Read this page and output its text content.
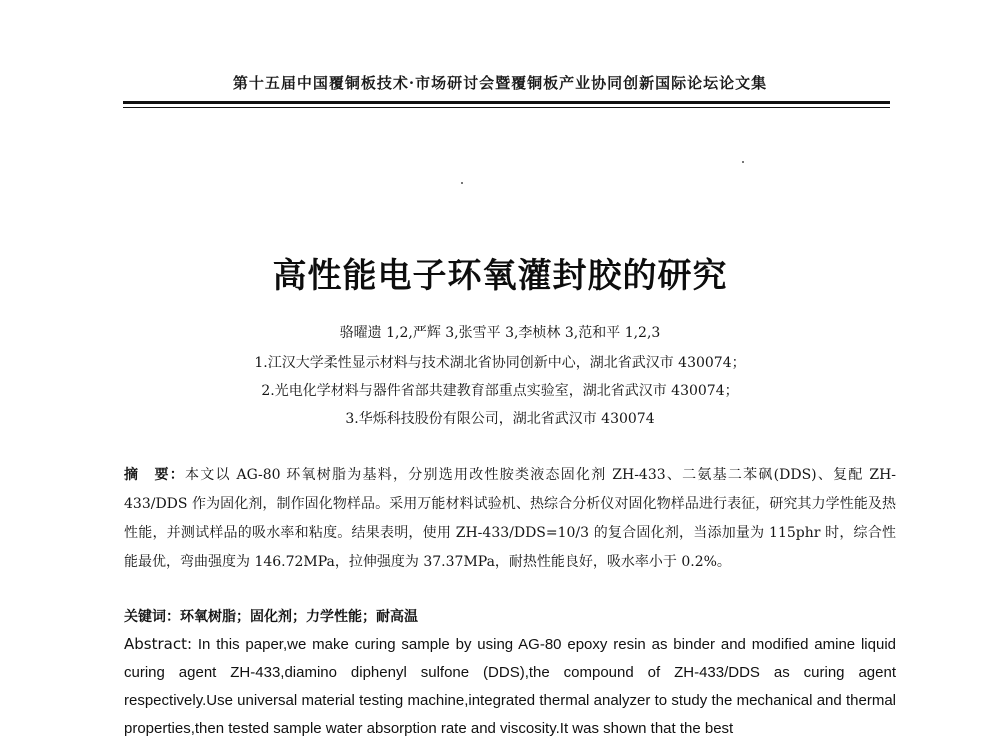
第十五届中国覆铜板技术·市场研讨会暨覆铜板产业协同创新国际论坛论文集
高性能电子环氧灌封胶的研究
骆曜遗 1,2,严辉 3,张雪平 3,李桢林 3,范和平 1,2,3
1.江汉大学柔性显示材料与技术湖北省协同创新中心，湖北省武汉市 430074；
2.光电化学材料与器件省部共建教育部重点实验室，湖北省武汉市 430074；
3.华烁科技股份有限公司，湖北省武汉市 430074
摘　要：本文以 AG-80 环氧树脂为基料，分别选用改性胺类液态固化剂 ZH-433、二氨基二苯砜(DDS)、复配 ZH-433/DDS 作为固化剂，制作固化物样品。采用万能材料试验机、热综合分析仪对固化物样品进行表征，研究其力学性能及热性能，并测试样品的吸水率和粘度。结果表明，使用 ZH-433/DDS=10/3 的复合固化剂，当添加量为 115phr 时，综合性能最优，弯曲强度为 146.72MPa，拉伸强度为 37.37MPa，耐热性能良好，吸水率小于 0.2%。
关键词：环氧树脂；固化剂；力学性能；耐高温
Abstract: In this paper,we make curing sample by using AG-80 epoxy resin as binder and modified amine liquid curing agent ZH-433,diamino diphenyl sulfone (DDS),the compound of ZH-433/DDS as curing agent respectively.Use universal material testing machine,integrated thermal analyzer to study the mechanical and thermal properties,then tested sample water absorption rate and viscosity.It was shown that the best
